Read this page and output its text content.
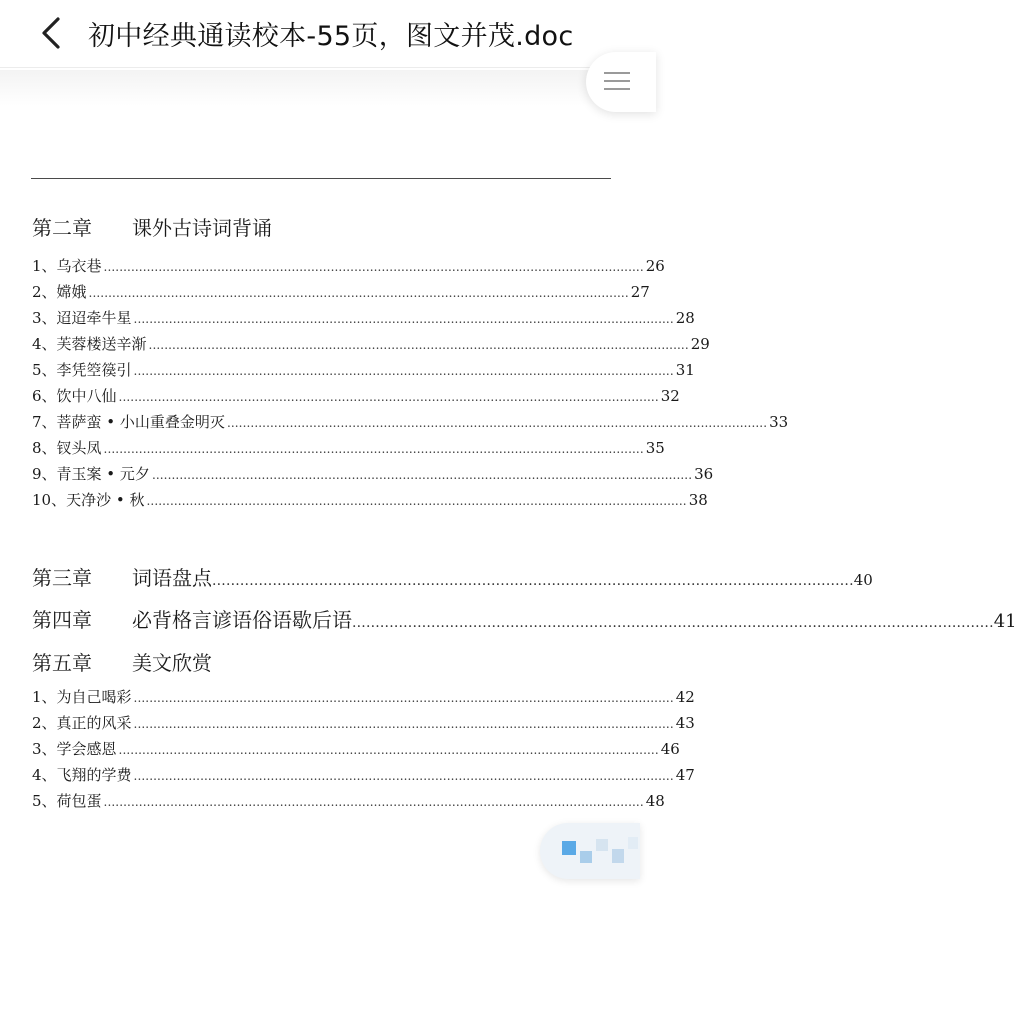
初中经典通读校本-55页，图文并茂.doc
第二章 课外古诗词背诵
1、乌衣巷 .......................................................................................................................................... 26
2、嫦娥 .......................................................................................................................................... 27
3、迢迢牵牛星 .......................................................................................................................................... 28
4、芙蓉楼送辛渐 .......................................................................................................................................... 29
5、李凭箜篌引 .......................................................................................................................................... 31
6、饮中八仙 .......................................................................................................................................... 32
7、菩萨蛮 • 小山重叠金明灭 .......................................................................................................................................... 33
8、钗头凤 .......................................................................................................................................... 35
9、青玉案 • 元夕 .......................................................................................................................................... 36
10、天净沙 • 秋 .......................................................................................................................................... 38
第三章	词语盘点 .......................................................................................................................................... 40
第四章	必背格言谚语俗语歇后语 .......................................................................................................................................... 41
第五章 美文欣赏
1、为自己喝彩 .......................................................................................................................................... 42
2、真正的风采 .......................................................................................................................................... 43
3、学会感恩 .......................................................................................................................................... 46
4、飞翔的学费 .......................................................................................................................................... 47
5、荷包蛋 .......................................................................................................................................... 48
